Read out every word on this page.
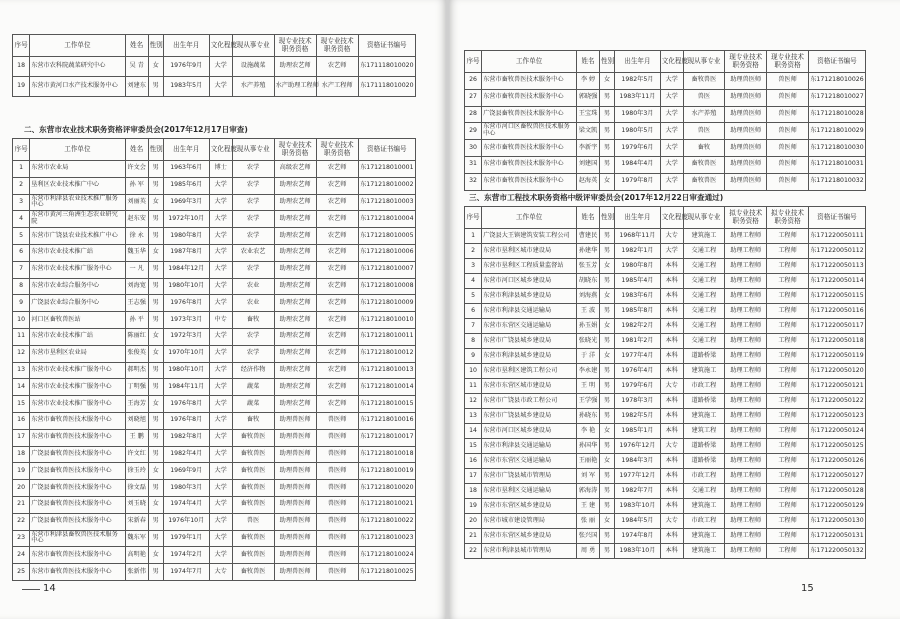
序号	工作单位	姓名	性别	出生年月	文化程度	现从事专业	现专业技术职务资格	现专业技术职务资格	资格证书编号
18	东营市农科院蔬菜研究中心	吴 青	女	1976年9月	大学	设施蔬菜	助理农艺师	农艺师	东171118010020
19	东营市黄河口水产技术服务中心	刘建东	男	1983年5月	大学	水产养殖	水产助理工程师	水产工程师	东171118010020
二、东营市农业技术职务资格评审委员会(2017年12月17日审查)
序号	工作单位	姓名	性别	出生年月	文化程度	现从事专业	现专业技术职务资格	现专业技术职务资格	资格证书编号
1	东营市农业局	许文会	男	1963年6月	博士	农学	高级农艺师	农艺师	东171218010001
2	垦利区农业技术推广中心	孙 军	男	1985年6月	大学	农学	助理农艺师	农艺师	东171218010002
3	东营市利津县农业技术推广服务中心	刘丽英	女	1969年3月	大学	农学	助理农艺师	农艺师	东171218010003
4	东营市黄河三角洲生态农业研究院	赵东安	男	1972年10月	大学	农学	助理农艺师	农艺师	东171218010004
5	东营市广饶县农业技术推广中心	徐 永	男	1980年8月	大学	农学	助理农艺师	农艺师	东171218010005
6	东营市农业技术推广站	魏玉华	女	1987年8月	大学	农业农艺	助理农艺师	农艺师	东171218010006
7	东营市农业技术推广服务中心	一 凡	男	1984年12月	大学	农学	助理农艺师	农艺师	东171218010007
8	东营市农业综合服务中心	刘海宽	男	1980年10月	大学	农业	助理农艺师	农艺师	东171218010008
9	广饶县农业综合服务中心	王志强	男	1976年8月	大学	农业	助理农艺师	农艺师	东171218010009
10	河口区畜牧兽医站	孙 平	男	1973年3月	中专	畜牧	助理农艺师	农艺师	东171218010010
11	东营市农业技术推广站	陈丽红	女	1972年3月	大学	农学	助理农艺师	农艺师	东171218010011
12	东营市垦利区农业局	张俊英	女	1970年10月	大学	农学	助理农艺师	农艺师	东171218010012
13	东营市农业技术推广服务中心	郝明杰	男	1980年10月	大学	经济作物	助理农艺师	农艺师	东171218010013
14	东营市农业技术推广服务中心	丁明强	男	1984年11月	大学	蔬菜	助理农艺师	农艺师	东171218010014
15	东营市农业技术推广服务中心	王海芳	女	1976年8月	大学	蔬菜	助理农艺师	农艺师	东171218010015
16	东营市畜牧兽医技术服务中心	刘晓旭	男	1976年8月	大学	畜牧	助理兽医师	兽医师	东171218010016
17	东营市畜牧兽医技术服务中心	王 鹏	男	1982年8月	大学	畜牧兽医	助理兽医师	兽医师	东171218010017
18	广饶县畜牧兽医技术服务中心	许文红	男	1982年4月	大学	畜牧兽医	助理兽医师	兽医师	东171218010018
19	广饶县畜牧兽医技术服务中心	徐玉玲	女	1969年9月	大学	畜牧兽医	助理兽医师	兽医师	东171218010019
20	广饶县畜牧兽医技术服务中心	徐文磊	男	1980年3月	大学	畜牧兽医	助理兽医师	兽医师	东171218010020
21	广饶县畜牧兽医技术服务中心	刘玉晓	女	1974年4月	大学	畜牧兽医	助理兽医师	兽医师	东171218010021
22	广饶县畜牧兽医技术服务中心	宋新春	男	1976年10月	大学	兽医	助理兽医师	兽医师	东171218010022
23	东营市利津县畜牧兽医技术服务中心	魏东军	男	1979年1月	大学	畜牧兽医	助理兽医师	兽医师	东171218010023
24	东营市畜牧兽医技术服务中心	高明艳	女	1974年2月	大学	畜牧兽医	助理兽医师	兽医师	东171218010024
25	东营市畜牧兽医技术服务中心	张新伟	男	1974年7月	大专	畜牧兽医	助理兽医师	兽医师	东171218010025
14
序号	工作单位	姓名	性别	出生年月	文化程度	现从事专业	现专业技术职务资格	现专业技术职务资格	资格证书编号
26	东营市畜牧兽医技术服务中心	李 婷	女	1982年5月	大学	畜牧兽医	助理兽医师	兽医师	东171218010026
27	东营市畜牧兽医技术服务中心	郭晓强	男	1983年11月	大学	兽医	助理兽医师	兽医师	东171218010027
28	广饶县畜牧兽医技术服务中心	王宝珠	男	1980年3月	大学	水产养殖	助理兽医师	兽医师	东171218010028
29	东营市河口区畜牧兽医技术服务中心	梁文凯	男	1980年5月	大学	兽医	助理兽医师	兽医师	东171218010029
30	东营市畜牧兽医技术服务中心	李新宇	男	1979年6月	大学	畜牧	助理兽医师	兽医师	东171218010030
31	东营市畜牧兽医技术服务中心	刘建国	男	1984年4月	大学	畜牧兽医	助理兽医师	兽医师	东171218010031
32	东营市畜牧兽医技术服务中心	赵海英	女	1979年8月	大学	畜牧兽医	助理兽医师	兽医师	东171218010032
三、东营市工程技术职务资格中级评审委员会(2017年12月22日审查通过)
序号	工作单位	姓名	性别	出生年月	文化程度	现从事专业	拟专业技术职务资格	拟专业技术职务资格	资格证书编号
1	广饶县大王镇建筑安装工程公司	曹建民	男	1968年11月	大专	建筑施工	助理工程师	工程师	东171220050111
2	东营市垦利区城市建设局	孙建华	男	1982年1月	大学	交通工程	助理工程师	工程师	东171220050112
3	东营市垦利区工程质量监督站	张玉芳	女	1980年8月	本科	交通工程	助理工程师	工程师	东171220050113
4	东营市河口区城乡建设局	胡晓东	男	1985年4月	本科	交通工程	助理工程师	工程师	东171220050114
5	东营市利津县城乡建设局	刘海燕	女	1983年6月	本科	交通工程	助理工程师	工程师	东171220050115
6	东营市利津县交通运输局	王 波	男	1985年8月	本科	交通工程	助理工程师	工程师	东171220050116
7	东营市东营区交通运输局	孙玉娟	女	1982年2月	本科	交通工程	助理工程师	工程师	东171220050117
8	东营市广饶县城乡建设局	张晓光	男	1981年2月	本科	交通工程	助理工程师	工程师	东171220050118
9	东营市利津县城乡建设局	于 洋	女	1977年4月	本科	道路桥梁	助理工程师	工程师	东171220050119
10	东营市垦利区建筑工程公司	李永建	男	1976年4月	本科	建筑施工	助理工程师	工程师	东171220050120
11	东营市东营区城市建设局	王 明	男	1979年6月	大专	市政工程	助理工程师	工程师	东171220050121
12	东营市广饶县市政工程公司	王学强	男	1978年3月	本科	道路桥梁	助理工程师	工程师	东171220050122
13	东营市广饶县城乡建设局	孙晓东	男	1982年5月	本科	建筑施工	助理工程师	工程师	东171220050123
14	东营市河口区城乡建设局	李 艳	女	1985年1月	本科	建筑工程	助理工程师	工程师	东171220050124
15	东营市利津县交通运输局	孙国华	男	1976年12月	大专	道路桥梁	助理工程师	工程师	东171220050125
16	东营市东营区交通运输局	王丽艳	女	1984年3月	本科	道路桥梁	助理工程师	工程师	东171220050126
17	东营市广饶县城市管理局	刘 军	男	1977年12月	本科	市政工程	助理工程师	工程师	东171220050127
18	东营市垦利区交通运输局	郭海涛	男	1982年7月	本科	交通工程	助理工程师	工程师	东171220050128
19	东营市东营区城乡建设局	王 建	男	1983年10月	本科	建筑施工	助理工程师	工程师	东171220050129
20	东营市城市建设管理局	张 丽	女	1984年5月	大专	市政工程	助理工程师	工程师	东171220050130
21	东营市东营区城乡建设局	张兴国	男	1974年8月	本科	建筑施工	助理工程师	工程师	东171220050131
22	东营市利津县城市管理局	周 勇	男	1983年10月	本科	建筑施工	助理工程师	工程师	东171220050132
15
